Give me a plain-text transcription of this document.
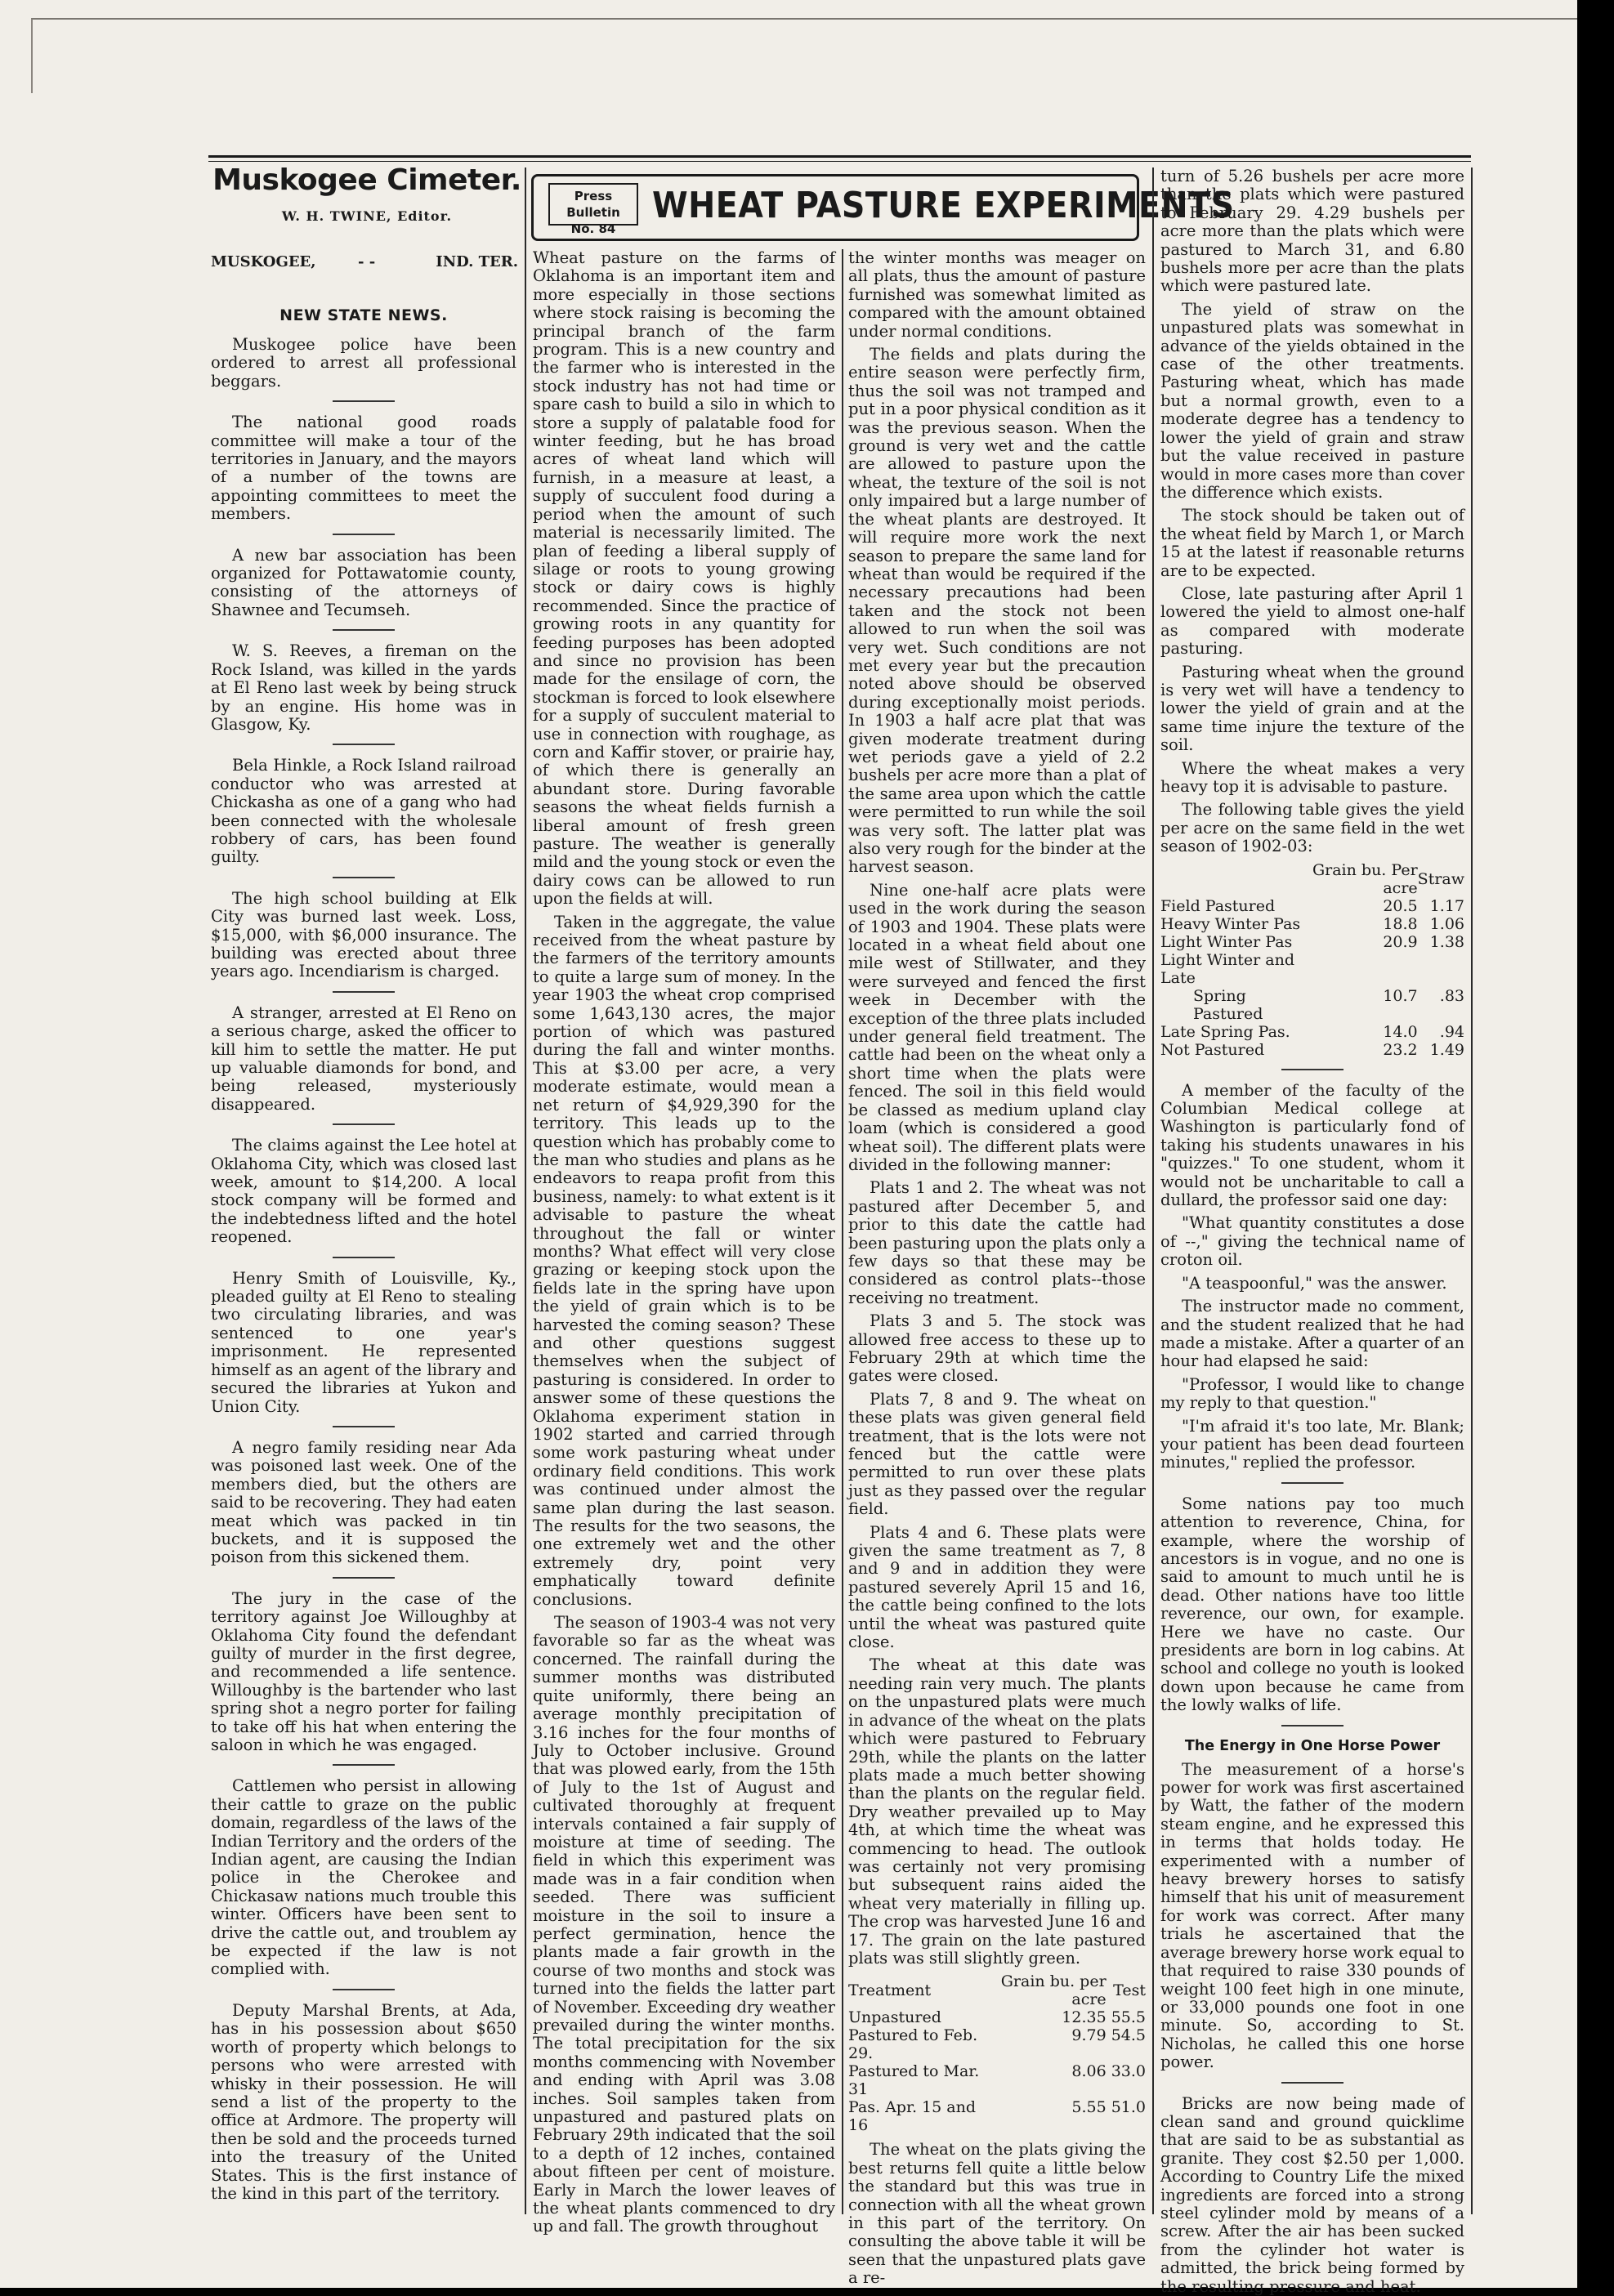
Muskogee Cimeter.
W. H. TWINE, Editor.
MUSKOGEE,	- -	IND. TER.
Press Bulletin
No. 84
WHEAT PASTURE EXPERIMENTS
NEW STATE NEWS.

Muskogee police have been ordered to arrest all professional beggars.

The national good roads committee will make a tour of the territories in January, and the mayors of a number of the towns are appointing committees to meet the members.

A new bar association has been organized for Pottawatomie county, consisting of the attorneys of Shawnee and Tecumseh.

W. S. Reeves, a fireman on the Rock Island, was killed in the yards at El Reno last week by being struck by an engine. His home was in Glasgow, Ky.

Bela Hinkle, a Rock Island railroad conductor who was arrested at Chickasha as one of a gang who had been connected with the wholesale robbery of cars, has been found guilty.

The high school building at Elk City was burned last week. Loss, $15,000, with $6,000 insurance. The building was erected about three years ago. Incendiarism is charged.

A stranger, arrested at El Reno on a serious charge, asked the officer to kill him to settle the matter. He put up valuable diamonds for bond, and being released, mysteriously disappeared.

The claims against the Lee hotel at Oklahoma City, which was closed last week, amount to $14,200. A local stock company will be formed and the indebtedness lifted and the hotel reopened.

Henry Smith of Louisville, Ky., pleaded guilty at El Reno to stealing two circulating libraries, and was sentenced to one year's imprisonment. He represented himself as an agent of the library and secured the libraries at Yukon and Union City.

A negro family residing near Ada was poisoned last week. One of the members died, but the others are said to be recovering. They had eaten meat which was packed in tin buckets, and it is supposed the poison from this sickened them.

The jury in the case of the territory against Joe Willoughby at Oklahoma City found the defendant guilty of murder in the first degree, and recommended a life sentence. Willoughby is the bartender who last spring shot a negro porter for failing to take off his hat when entering the saloon in which he was engaged.

Cattlemen who persist in allowing their cattle to graze on the public domain, regardless of the laws of the Indian Territory and the orders of the Indian agent, are causing the Indian police in the Cherokee and Chickasaw nations much trouble this winter. Officers have been sent to drive the cattle out, and troublem ay be expected if the law is not complied with.

Deputy Marshal Brents, at Ada, has in his possession about $650 worth of property which belongs to persons who were arrested with whisky in their possession. He will send a list of the property to the office at Ardmore. The property will then be sold and the proceeds turned into the treasury of the United States. This is the first instance of the kind in this part of the territory.

Wheat pasture on the farms of Oklahoma is an important item and more especially in those sections where stock raising is becoming the principal branch of the farm program. This is a new country and the farmer who is interested in the stock industry has not had time or spare cash to build a silo in which to store a supply of palatable food for winter feeding, but he has broad acres of wheat land which will furnish, in a measure at least, a supply of succulent food during a period when the amount of such material is necessarily limited. The plan of feeding a liberal supply of silage or roots to young growing stock or dairy cows is highly recommended. Since the practice of growing roots in any quantity for feeding purposes has been adopted and since no provision has been made for the ensilage of corn, the stockman is forced to look elsewhere for a supply of succulent material to use in connection with roughage, as corn and Kaffir stover, or prairie hay, of which there is generally an abundant store. During favorable seasons the wheat fields furnish a liberal amount of fresh green pasture. The weather is generally mild and the young stock or even the dairy cows can be allowed to run upon the fields at will.

Taken in the aggregate, the value received from the wheat pasture by the farmers of the territory amounts to quite a large sum of money. In the year 1903 the wheat crop comprised some 1,643,130 acres, the major portion of which was pastured during the fall and winter months. This at $3.00 per acre, a very moderate estimate, would mean a net return of $4,929,390 for the territory. This leads up to the question which has probably come to the man who studies and plans as he endeavors to reapa profit from this business, namely: to what extent is it advisable to pasture the wheat throughout the fall or winter months? What effect will very close grazing or keeping stock upon the fields late in the spring have upon the yield of grain which is to be harvested the coming season? These and other questions suggest themselves when the subject of pasturing is considered. In order to answer some of these questions the Oklahoma experiment station in 1902 started and carried through some work pasturing wheat under ordinary field conditions. This work was continued under almost the same plan during the last season. The results for the two seasons, the one extremely wet and the other extremely dry, point very emphatically toward definite conclusions.

The season of 1903-4 was not very favorable so far as the wheat was concerned. The rainfall during the summer months was distributed quite uniformly, there being an average monthly precipitation of 3.16 inches for the four months of July to October inclusive. Ground that was plowed early, from the 15th of July to the 1st of August and cultivated thoroughly at frequent intervals contained a fair supply of moisture at time of seeding. The field in which this experiment was made was in a fair condition when seeded. There was sufficient moisture in the soil to insure a perfect germination, hence the plants made a fair growth in the course of two months and stock was turned into the fields the latter part of November. Exceeding dry weather prevailed during the winter months. The total precipitation for the six months commencing with November and ending with April was 3.08 inches. Soil samples taken from unpastured and pastured plats on February 29th indicated that the soil to a depth of 12 inches, contained about fifteen per cent of moisture. Early in March the lower leaves of the wheat plants commenced to dry up and fall. The growth throughout

the winter months was meager on all plats, thus the amount of pasture furnished was somewhat limited as compared with the amount obtained under normal conditions.

The fields and plats during the entire season were perfectly firm, thus the soil was not tramped and put in a poor physical condition as it was the previous season. When the ground is very wet and the cattle are allowed to pasture upon the wheat, the texture of the soil is not only impaired but a large number of the wheat plants are destroyed. It will require more work the next season to prepare the same land for wheat than would be required if the necessary precautions had been taken and the stock not been allowed to run when the soil was very wet. Such conditions are not met every year but the precaution noted above should be observed during exceptionally moist periods. In 1903 a half acre plat that was given moderate treatment during wet periods gave a yield of 2.2 bushels per acre more than a plat of the same area upon which the cattle were permitted to run while the soil was very soft. The latter plat was also very rough for the binder at the harvest season.

Nine one-half acre plats were used in the work during the season of 1903 and 1904. These plats were located in a wheat field about one mile west of Stillwater, and they were surveyed and fenced the first week in December with the exception of the three plats included under general field treatment. The cattle had been on the wheat only a short time when the plats were fenced. The soil in this field would be classed as medium upland clay loam (which is considered a good wheat soil). The different plats were divided in the following manner:

Plats 1 and 2. The wheat was not pastured after December 5, and prior to this date the cattle had been pasturing upon the plats only a few days so that these may be considered as control plats--those receiving no treatment.

Plats 3 and 5. The stock was allowed free access to these up to February 29th at which time the gates were closed.

Plats 7, 8 and 9. The wheat on these plats was given general field treatment, that is the lots were not fenced but the cattle were permitted to run over these plats just as they passed over the regular field.

Plats 4 and 6. These plats were given the same treatment as 7, 8 and 9 and in addition they were pastured severely April 15 and 16, the cattle being confined to the lots until the wheat was pastured quite close.

The wheat at this date was needing rain very much. The plants on the unpastured plats were much in advance of the wheat on the plats which were pastured to February 29th, while the plants on the latter plats made a much better showing than the plants on the regular field. Dry weather prevailed up to May 4th, at which time the wheat was commencing to head. The outlook was certainly not very promising but subsequent rains aided the wheat very materially in filling up. The crop was harvested June 16 and 17. The grain on the late pastured plats was still slightly green.

Treatment	Grain bu. per acre	Test
Unpastured	12.35	55.5
Pastured to Feb. 29.	9.79	54.5
Pastured to Mar. 31	8.06	33.0
Pas. Apr. 15 and 16	5.55	51.0

The wheat on the plats giving the best returns fell quite a little below the standard but this was true in connection with all the wheat grown in this part of the territory. On consulting the above table it will be seen that the unpastured plats gave a re-

turn of 5.26 bushels per acre more than the plats which were pastured to February 29. 4.29 bushels per acre more than the plats which were pastured to March 31, and 6.80 bushels more per acre than the plats which were pastured late.

The yield of straw on the unpastured plats was somewhat in advance of the yields obtained in the case of the other treatments. Pasturing wheat, which has made but a normal growth, even to a moderate degree has a tendency to lower the yield of grain and straw but the value received in pasture would in more cases more than cover the difference which exists.

The stock should be taken out of the wheat field by March 1, or March 15 at the latest if reasonable returns are to be expected.

Close, late pasturing after April 1 lowered the yield to almost one-half as compared with moderate pasturing.

Pasturing wheat when the ground is very wet will have a tendency to lower the yield of grain and at the same time injure the texture of the soil.

Where the wheat makes a very heavy top it is advisable to pasture.

The following table gives the yield per acre on the same field in the wet season of 1902-03:

	Grain bu. Per acre	Straw
Field Pastured	20.5	1.17
Heavy Winter Pas	18.8	1.06
Light Winter Pas	20.9	1.38
Light Winter and Late		
Spring Pastured	10.7	.83
Late Spring Pas.	14.0	.94
Not Pastured	23.2	1.49

A member of the faculty of the Columbian Medical college at Washington is particularly fond of taking his students unawares in his "quizzes." To one student, whom it would not be uncharitable to call a dullard, the professor said one day:

"What quantity constitutes a dose of --," giving the technical name of croton oil.

"A teaspoonful," was the answer.

The instructor made no comment, and the student realized that he had made a mistake. After a quarter of an hour had elapsed he said:

"Professor, I would like to change my reply to that question."

"I'm afraid it's too late, Mr. Blank; your patient has been dead fourteen minutes," replied the professor.

Some nations pay too much attention to reverence, China, for example, where the worship of ancestors is in vogue, and no one is said to amount to much until he is dead. Other nations have too little reverence, our own, for example. Here we have no caste. Our presidents are born in log cabins. At school and college no youth is looked down upon because he came from the lowly walks of life.

The Energy in One Horse Power

The measurement of a horse's power for work was first ascertained by Watt, the father of the modern steam engine, and he expressed this in terms that holds today. He experimented with a number of heavy brewery horses to satisfy himself that his unit of measurement for work was correct. After many trials he ascertained that the average brewery horse work equal to that required to raise 330 pounds of weight 100 feet high in one minute, or 33,000 pounds one foot in one minute. So, according to St. Nicholas, he called this one horse power.

Bricks are now being made of clean sand and ground quicklime that are said to be as substantial as granite. They cost $2.50 per 1,000. According to Country Life the mixed ingredients are forced into a strong steel cylinder mold by means of a screw. After the air has been sucked from the cylinder hot water is admitted, the brick being formed by the resulting pressure and heat.
